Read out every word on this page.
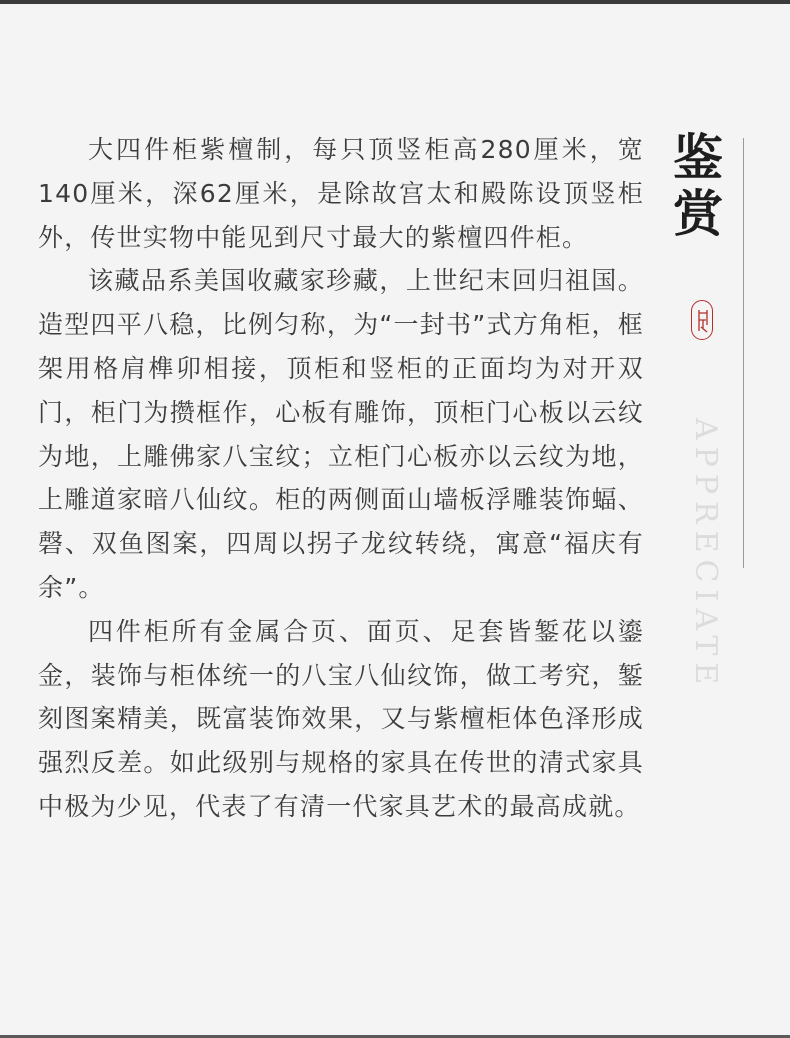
大四件柜紫檀制，每只顶竖柜高280厘米，宽140厘米，深62厘米，是除故宫太和殿陈设顶竖柜外，传世实物中能见到尺寸最大的紫檀四件柜。

该藏品系美国收藏家珍藏，上世纪末回归祖国。造型四平八稳，比例匀称，为“一封书”式方角柜，框架用格肩榫卯相接，顶柜和竖柜的正面均为对开双门，柜门为攒框作，心板有雕饰，顶柜门心板以云纹为地，上雕佛家八宝纹；立柜门心板亦以云纹为地，上雕道家暗八仙纹。柜的两侧面山墙板浮雕装饰蝠、磬、双鱼图案，四周以拐子龙纹转绕，寓意“福庆有余”。

四件柜所有金属合页、面页、足套皆錾花以鎏金，装饰与柜体统一的八宝八仙纹饰，做工考究，錾刻图案精美，既富装饰效果，又与紫檀柜体色泽形成强烈反差。如此级别与规格的家具在传世的清式家具中极为少见，代表了有清一代家具艺术的最高成就。

鉴
赏
APPRECIATE
